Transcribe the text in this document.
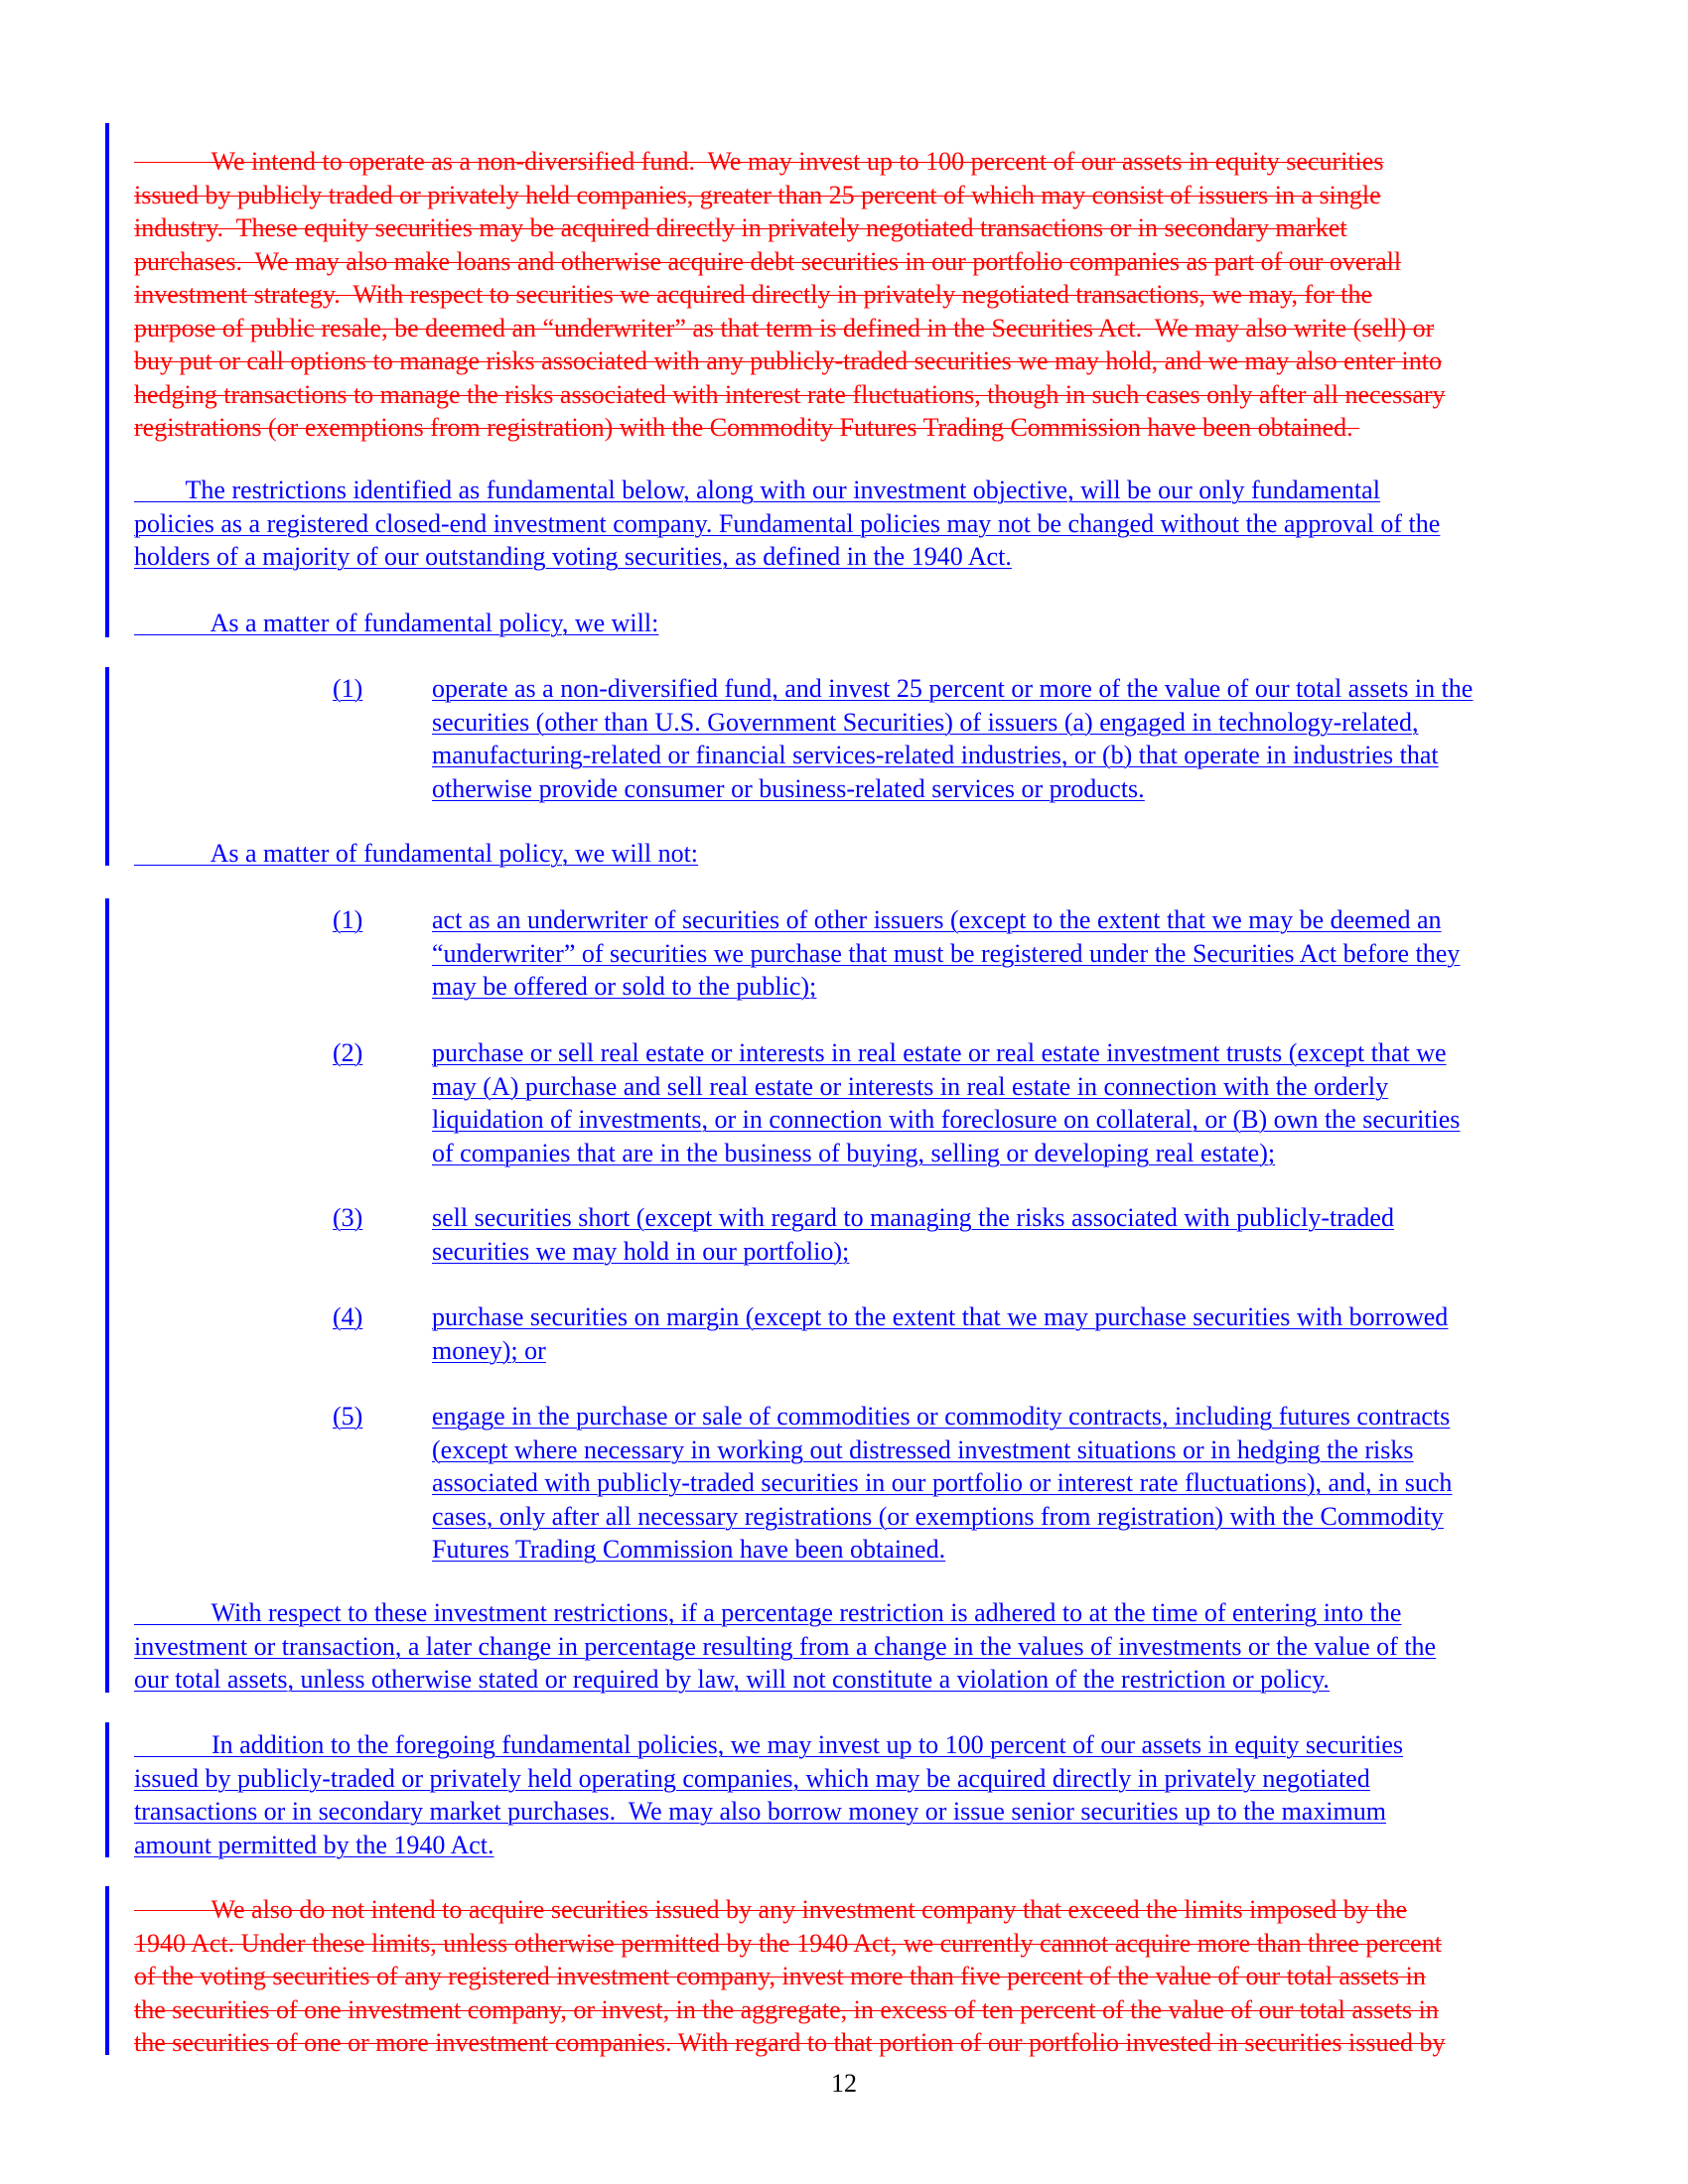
We intend to operate as a non-diversified fund.  We may invest up to 100 percent of our assets in equity securities
issued by publicly traded or privately held companies, greater than 25 percent of which may consist of issuers in a single
industry.  These equity securities may be acquired directly in privately negotiated transactions or in secondary market
purchases.  We may also make loans and otherwise acquire debt securities in our portfolio companies as part of our overall
investment strategy.  With respect to securities we acquired directly in privately negotiated transactions, we may, for the
purpose of public resale, be deemed an “underwriter” as that term is defined in the Securities Act.  We may also write (sell) or
buy put or call options to manage risks associated with any publicly-traded securities we may hold, and we may also enter into
hedging transactions to manage the risks associated with interest rate fluctuations, though in such cases only after all necessary
registrations (or exemptions from registration) with the Commodity Futures Trading Commission have been obtained.
The restrictions identified as fundamental below, along with our investment objective, will be our only fundamental
policies as a registered closed-end investment company. Fundamental policies may not be changed without the approval of the
holders of a majority of our outstanding voting securities, as defined in the 1940 Act.
As a matter of fundamental policy, we will:
(1)	operate as a non-diversified fund, and invest 25 percent or more of the value of our total assets in the
securities (other than U.S. Government Securities) of issuers (a) engaged in technology-related,
manufacturing-related or financial services-related industries, or (b) that operate in industries that
otherwise provide consumer or business-related services or products.
As a matter of fundamental policy, we will not:
(1)	act as an underwriter of securities of other issuers (except to the extent that we may be deemed an
“underwriter” of securities we purchase that must be registered under the Securities Act before they
may be offered or sold to the public);
(2)	purchase or sell real estate or interests in real estate or real estate investment trusts (except that we
may (A) purchase and sell real estate or interests in real estate in connection with the orderly
liquidation of investments, or in connection with foreclosure on collateral, or (B) own the securities
of companies that are in the business of buying, selling or developing real estate);
(3)	sell securities short (except with regard to managing the risks associated with publicly-traded
securities we may hold in our portfolio);
(4)	purchase securities on margin (except to the extent that we may purchase securities with borrowed
money); or
(5)	engage in the purchase or sale of commodities or commodity contracts, including futures contracts
(except where necessary in working out distressed investment situations or in hedging the risks
associated with publicly-traded securities in our portfolio or interest rate fluctuations), and, in such
cases, only after all necessary registrations (or exemptions from registration) with the Commodity
Futures Trading Commission have been obtained.
With respect to these investment restrictions, if a percentage restriction is adhered to at the time of entering into the
investment or transaction, a later change in percentage resulting from a change in the values of investments or the value of the
our total assets, unless otherwise stated or required by law, will not constitute a violation of the restriction or policy.
In addition to the foregoing fundamental policies, we may invest up to 100 percent of our assets in equity securities
issued by publicly-traded or privately held operating companies, which may be acquired directly in privately negotiated
transactions or in secondary market purchases.  We may also borrow money or issue senior securities up to the maximum
amount permitted by the 1940 Act.
We also do not intend to acquire securities issued by any investment company that exceed the limits imposed by the
1940 Act. Under these limits, unless otherwise permitted by the 1940 Act, we currently cannot acquire more than three percent
of the voting securities of any registered investment company, invest more than five percent of the value of our total assets in
the securities of one investment company, or invest, in the aggregate, in excess of ten percent of the value of our total assets in
the securities of one or more investment companies. With regard to that portion of our portfolio invested in securities issued by
12
